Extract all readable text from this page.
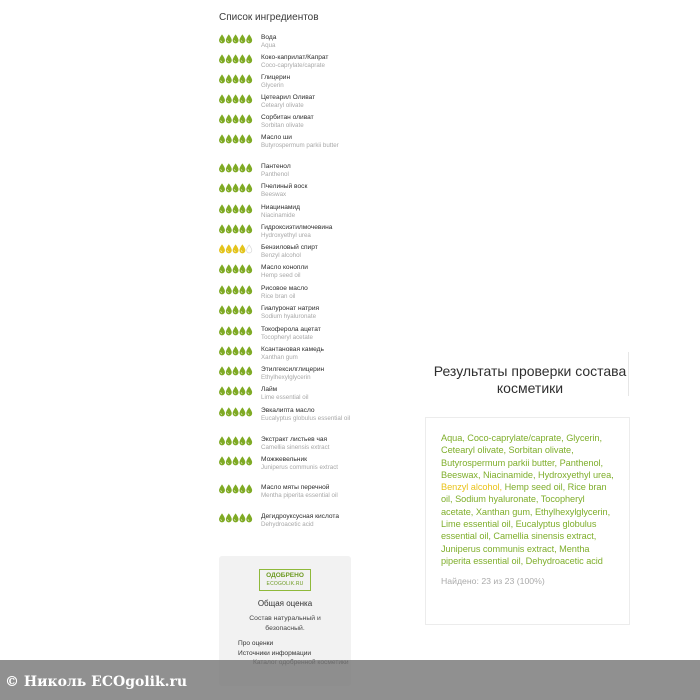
Список ингредиентов
Вода
Aqua
Коко-каприлат/Капрат
Coco-caprylate/caprate
Глицерин
Glycerin
Цетеарил Оливат
Cetearyl olivate
Сорбитан оливат
Sorbitan olivate
Масло ши
Butyrospermum parkii butter
Пантенол
Panthenol
Пчелиный воск
Beeswax
Ниацинамид
Niacinamide
Гидроксиэтилмочевина
Hydroxyethyl urea
Бензиловый спирт
Benzyl alcohol
Масло конопли
Hemp seed oil
Рисовое масло
Rice bran oil
Гиалуронат натрия
Sodium hyaluronate
Токоферола ацетат
Tocopheryl acetate
Ксантановая камедь
Xanthan gum
Этилгексилглицерин
Ethylhexylglycerin
Лайм
Lime essential oil
Эвкалипта масло
Eucalyptus globulus essential oil
Экстракт листьев чая
Camellia sinensis extract
Можжевельник
Juniperus communis extract
Масло мяты перечной
Mentha piperita essential oil
Дегидроуксусная кислота
Dehydroacetic acid
ОДОБРЕНО
ECOGOLIK.RU
Общая оценка
Состав натуральный и безопасный.
Про оценки
Источники информации
Результаты проверки состава косметики
Aqua, Coco-caprylate/caprate, Glycerin, Cetearyl olivate, Sorbitan olivate, Butyrospermum parkii butter, Panthenol, Beeswax, Niacinamide, Hydroxyethyl urea, Benzyl alcohol, Hemp seed oil, Rice bran oil, Sodium hyaluronate, Tocopheryl acetate, Xanthan gum, Ethylhexylglycerin, Lime essential oil, Eucalyptus globulus essential oil, Camellia sinensis extract, Juniperus communis extract, Mentha piperita essential oil, Dehydroacetic acid
Найдено: 23 из 23 (100%)
© Николь ECOgolik.ru
